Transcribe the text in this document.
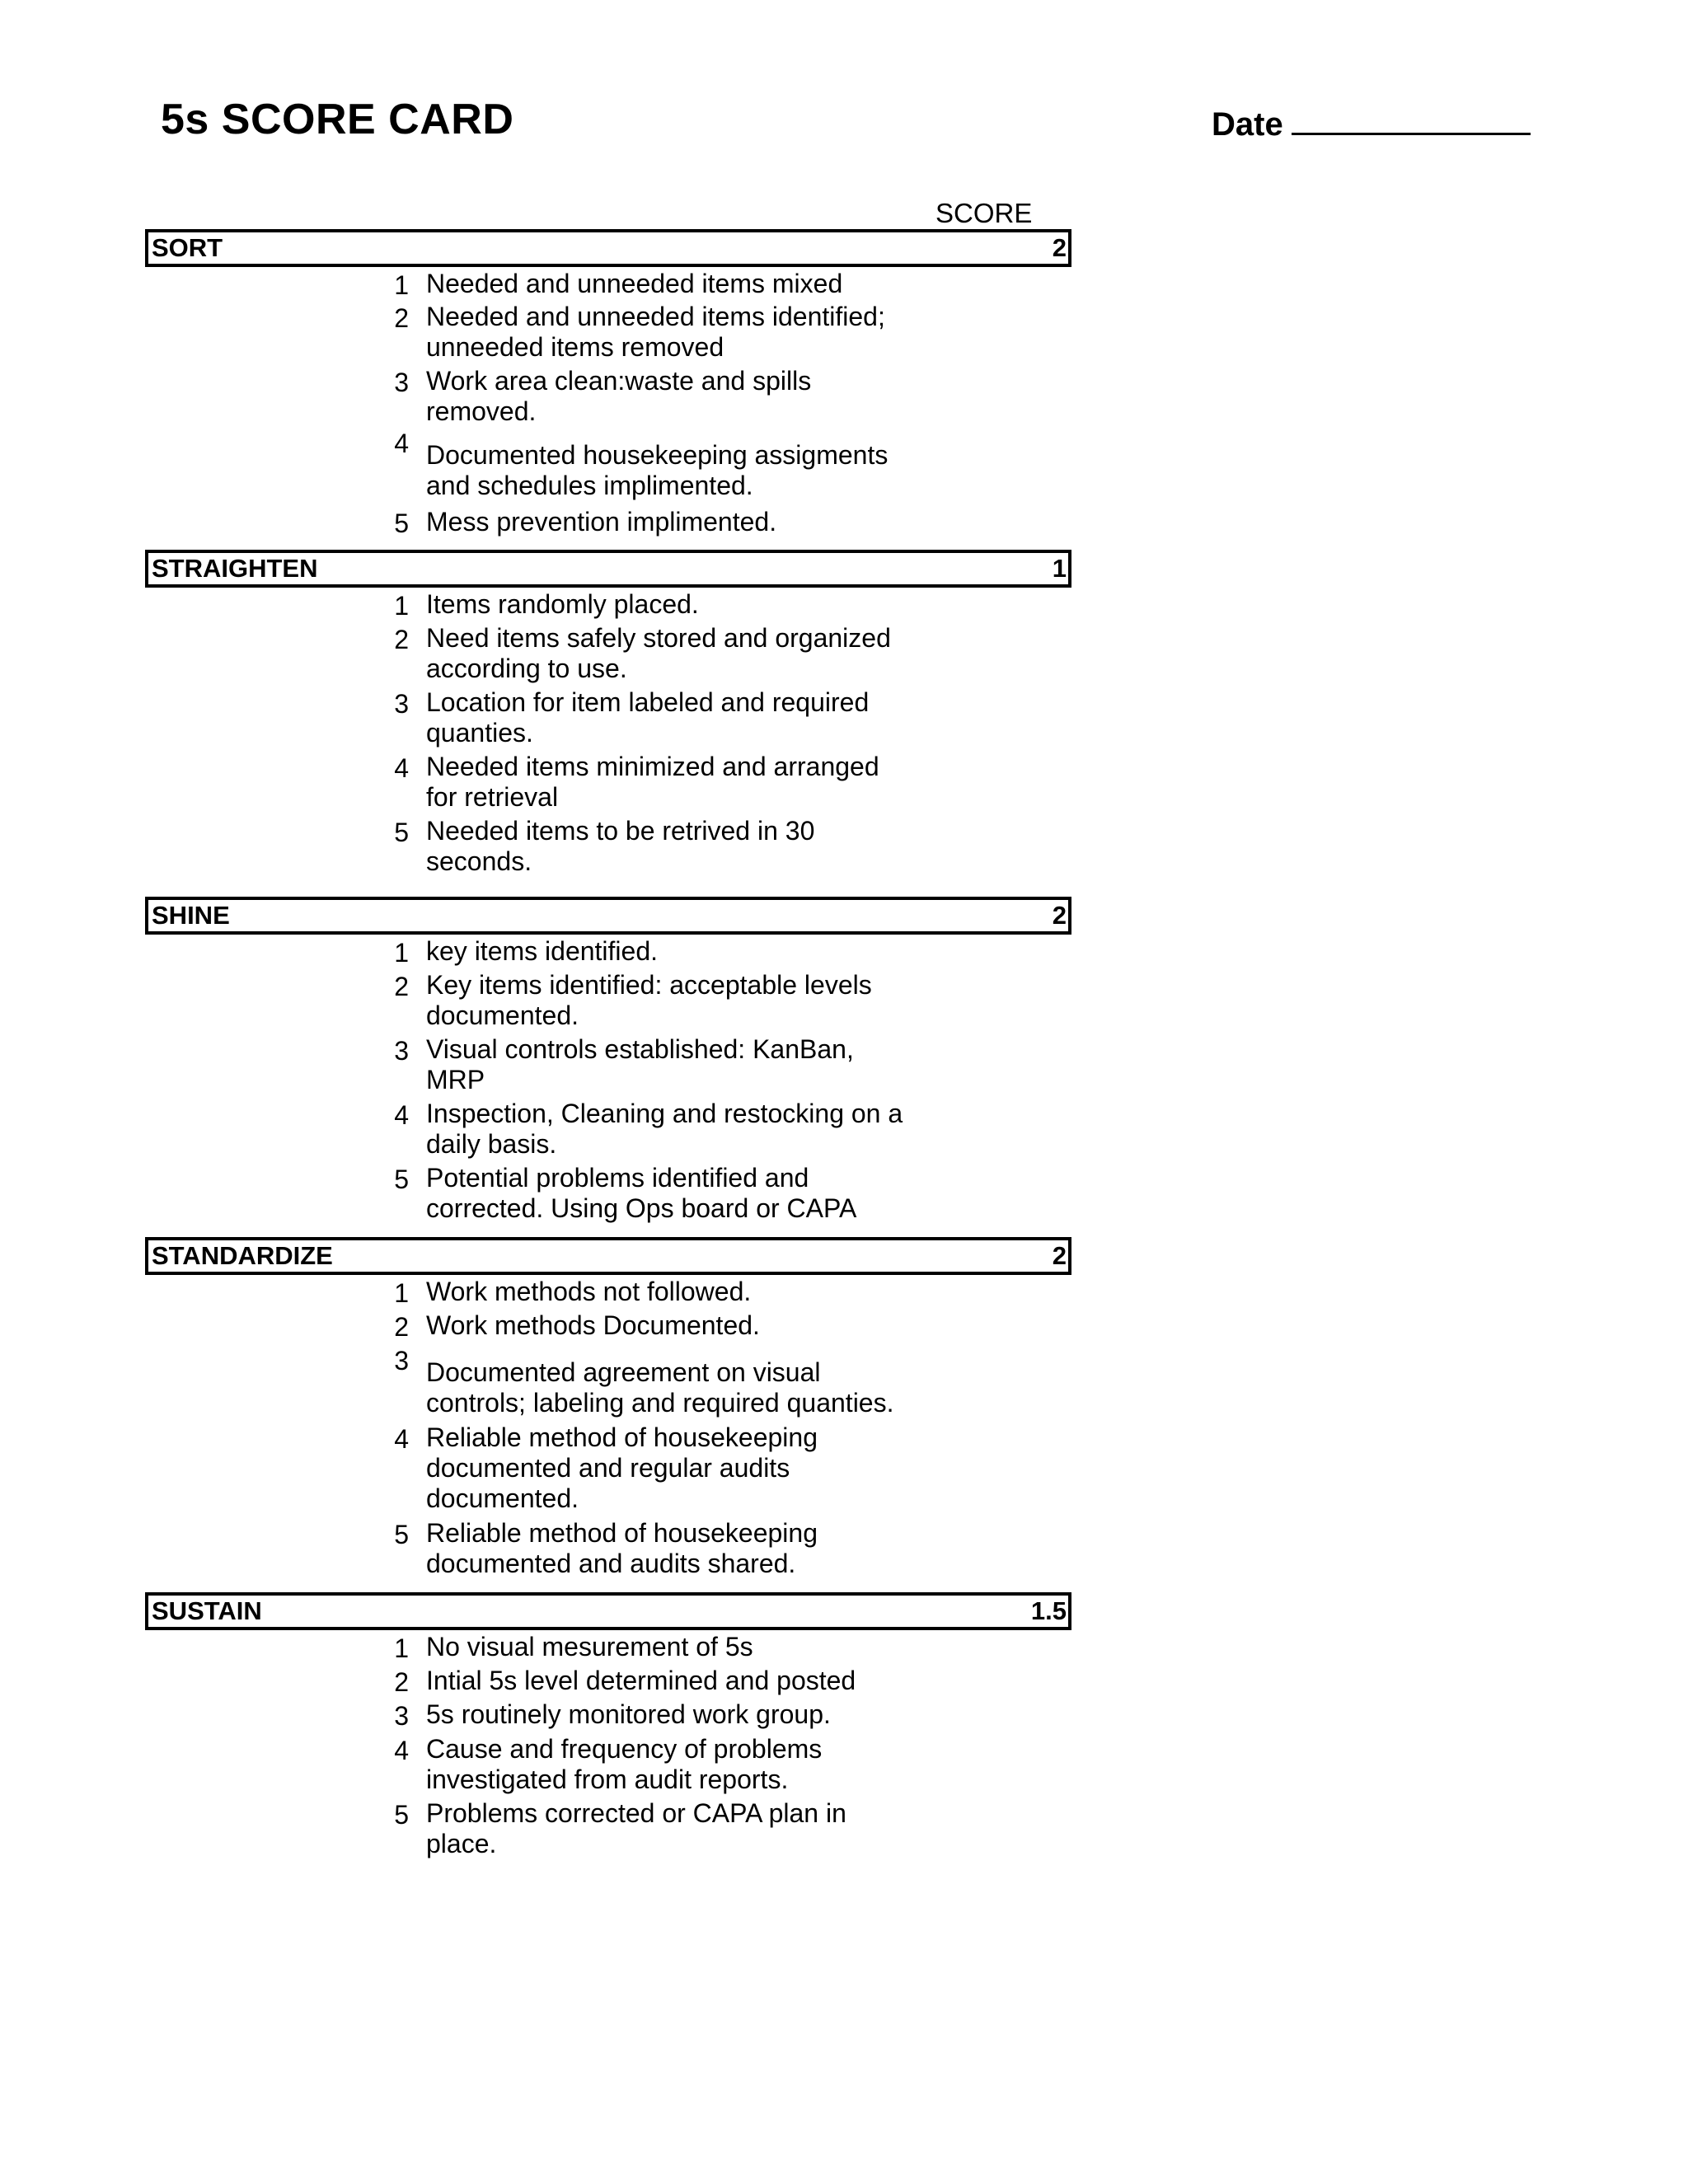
5s SCORE CARD	Date
SCORE
SORT	2
1 Needed and unneeded items mixed
2 Needed and unneeded items identified;
unneeded items removed
3 Work area clean:waste and spills
removed.
4 Documented housekeeping assigments
and schedules implimented.
5 Mess prevention implimented.
STRAIGHTEN	1
1 Items randomly placed.
2 Need items safely stored and organized
according to use.
3 Location for item labeled and required
quanties.
4 Needed items minimized and arranged
for retrieval
5 Needed items to be retrived in 30
seconds.
SHINE	2
1 key items identified.
2 Key items identified: acceptable levels
documented.
3 Visual controls established: KanBan,
MRP
4 Inspection, Cleaning and restocking on a
daily basis.
5 Potential problems identified and
corrected. Using Ops board or CAPA
STANDARDIZE	2
1 Work methods not followed.
2 Work methods Documented.
3 Documented agreement on visual
controls; labeling and required quanties.
4 Reliable method of housekeeping
documented and regular audits
documented.
5 Reliable method of housekeeping
documented and audits shared.
SUSTAIN	1.5
1 No visual mesurement of 5s
2 Intial 5s level determined and posted
3 5s routinely monitored work group.
4 Cause and frequency of problems
investigated from audit reports.
5 Problems corrected or CAPA plan in
place.
